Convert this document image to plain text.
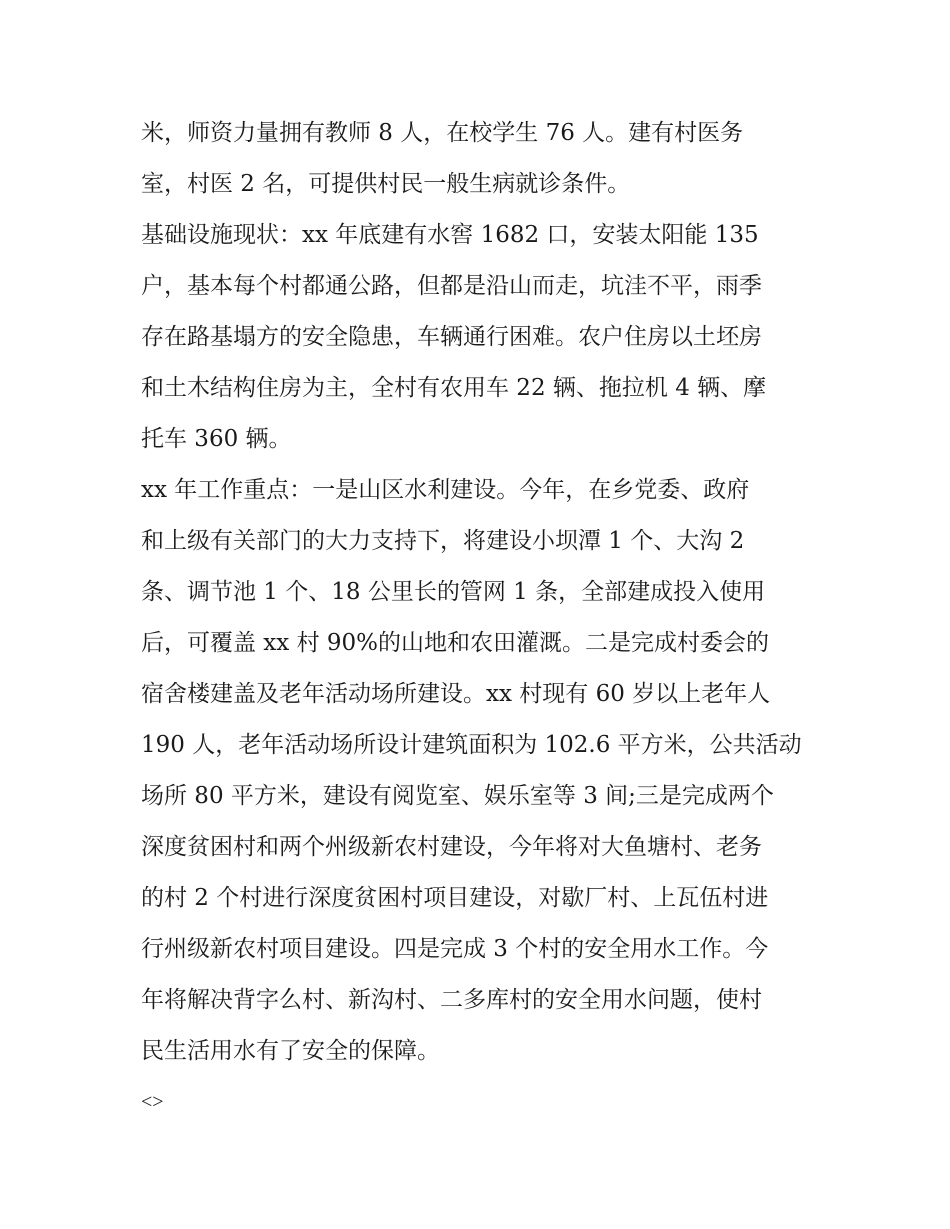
米，师资力量拥有教师 8 人，在校学生 76 人。建有村医务
室，村医 2 名，可提供村民一般生病就诊条件。
基础设施现状：xx 年底建有水窖 1682 口，安装太阳能 135
户，基本每个村都通公路，但都是沿山而走，坑洼不平，雨季
存在路基塌方的安全隐患，车辆通行困难。农户住房以土坯房
和土木结构住房为主，全村有农用车 22 辆、拖拉机 4 辆、摩
托车 360 辆。
xx 年工作重点：一是山区水利建设。今年，在乡党委、政府
和上级有关部门的大力支持下，将建设小坝潭 1 个、大沟 2
条、调节池 1 个、18 公里长的管网 1 条，全部建成投入使用
后，可覆盖 xx 村 90%的山地和农田灌溉。二是完成村委会的
宿舍楼建盖及老年活动场所建设。xx 村现有 60 岁以上老年人
190 人，老年活动场所设计建筑面积为 102.6 平方米，公共活动
场所 80 平方米，建设有阅览室、娱乐室等 3 间;三是完成两个
深度贫困村和两个州级新农村建设，今年将对大鱼塘村、老务
的村 2 个村进行深度贫困村项目建设，对歇厂村、上瓦伍村进
行州级新农村项目建设。四是完成 3 个村的安全用水工作。今
年将解决背字么村、新沟村、二多库村的安全用水问题，使村
民生活用水有了安全的保障。
<>
